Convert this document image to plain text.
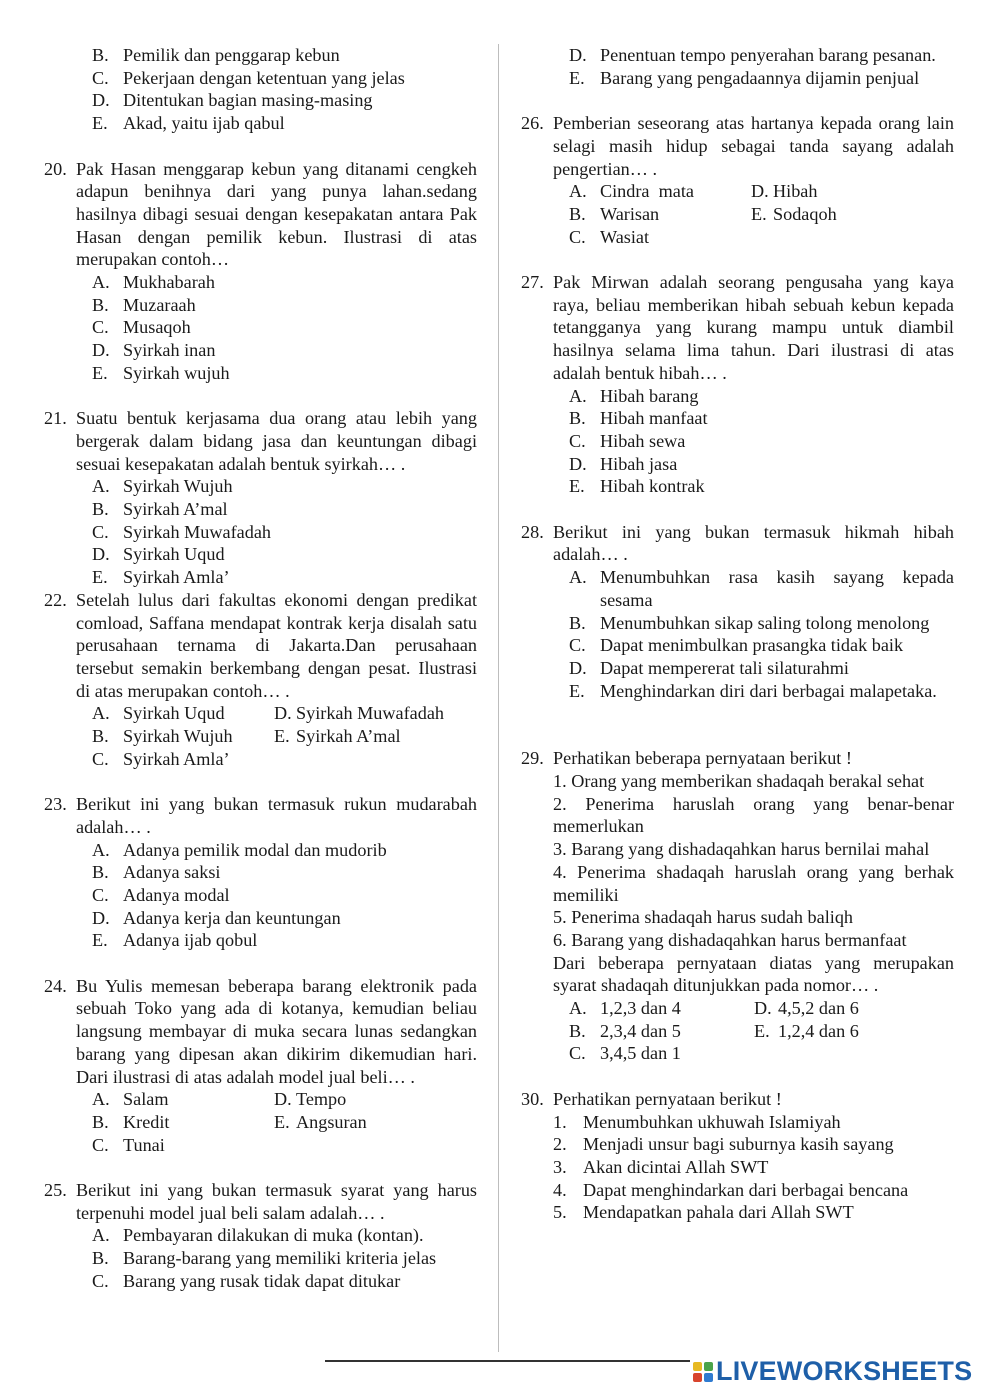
B. Pemilik dan penggarap kebun
C. Pekerjaan dengan ketentuan yang jelas
D. Ditentukan bagian masing-masing
E. Akad, yaitu ijab qabul
20. Pak Hasan menggarap kebun yang ditanami cengkeh adapun benihnya dari yang punya lahan.sedang hasilnya dibagi sesuai dengan kesepakatan antara Pak Hasan dengan pemilik kebun. Ilustrasi di atas merupakan contoh…
A. Mukhabarah
B. Muzaraah
C. Musaqoh
D. Syirkah inan
E. Syirkah wujuh
21. Suatu bentuk kerjasama dua orang atau lebih yang bergerak dalam bidang jasa dan keuntungan dibagi sesuai kesepakatan adalah bentuk syirkah… .
A. Syirkah Wujuh
B. Syirkah A’mal
C. Syirkah Muwafadah
D. Syirkah Uqud
E. Syirkah Amla’
22. Setelah lulus dari fakultas ekonomi dengan predikat comload, Saffana mendapat kontrak kerja disalah satu perusahaan ternama di Jakarta.Dan perusahaan tersebut semakin berkembang dengan pesat. Ilustrasi di atas merupakan contoh… .
A. Syirkah Uqud	D. Syirkah Muwafadah
B. Syirkah Wujuh E. Syirkah A’mal
C. Syirkah Amla’
23. Berikut ini yang bukan termasuk rukun mudarabah adalah… .
A. Adanya pemilik modal dan mudorib
B. Adanya saksi
C. Adanya modal
D. Adanya kerja dan keuntungan
E. Adanya ijab qobul
24. Bu Yulis memesan beberapa barang elektronik pada sebuah Toko yang ada di kotanya, kemudian beliau langsung membayar di muka secara lunas sedangkan barang yang dipesan akan dikirim dikemudian hari. Dari ilustrasi di atas adalah model jual beli… .
A. Salam	D. Tempo
B. Kredit	E. Angsuran
C. Tunai
25. Berikut ini yang bukan termasuk syarat yang harus terpenuhi model jual beli salam adalah… .
A. Pembayaran dilakukan di muka (kontan).
B. Barang-barang yang memiliki kriteria jelas
C. Barang yang rusak tidak dapat ditukar
D. Penentuan tempo penyerahan barang pesanan.
E. Barang yang pengadaannya dijamin penjual
26. Pemberian seseorang atas hartanya kepada orang lain selagi masih hidup sebagai tanda sayang adalah pengertian… .
A. Cindra  mata	D. Hibah
B. Warisan	E. Sodaqoh
C. Wasiat
27. Pak Mirwan adalah seorang pengusaha yang kaya raya, beliau memberikan hibah sebuah kebun kepada tetangganya yang kurang mampu untuk diambil hasilnya selama lima tahun. Dari ilustrasi di atas adalah bentuk hibah… .
A. Hibah barang
B. Hibah manfaat
C. Hibah sewa
D. Hibah jasa
E. Hibah kontrak
28. Berikut ini yang bukan termasuk hikmah hibah adalah… .
A. Menumbuhkan rasa kasih sayang kepada sesama
B. Menumbuhkan sikap saling tolong menolong
C. Dapat menimbulkan prasangka tidak baik
D. Dapat mempererat tali silaturahmi
E. Menghindarkan diri dari berbagai malapetaka.
29. Perhatikan beberapa pernyataan berikut !
1. Orang yang memberikan shadaqah berakal sehat
2. Penerima haruslah orang yang benar-benar memerlukan
3. Barang yang dishadaqahkan harus bernilai mahal
4. Penerima shadaqah haruslah orang yang berhak memiliki
5. Penerima shadaqah harus sudah baliqh
6. Barang yang dishadaqahkan harus bermanfaat
Dari beberapa pernyataan diatas yang merupakan syarat shadaqah ditunjukkan pada nomor… .
A. 1,2,3 dan 4	D. 4,5,2 dan 6
B. 2,3,4 dan 5	E. 1,2,4 dan 6
C. 3,4,5 dan 1
30. Perhatikan pernyataan berikut !
1. Menumbuhkan ukhuwah Islamiyah
2. Menjadi unsur bagi suburnya kasih sayang
3. Akan dicintai Allah SWT
4. Dapat menghindarkan dari berbagai bencana
5. Mendapatkan pahala dari Allah SWT
LIVEWORKSHEETS
